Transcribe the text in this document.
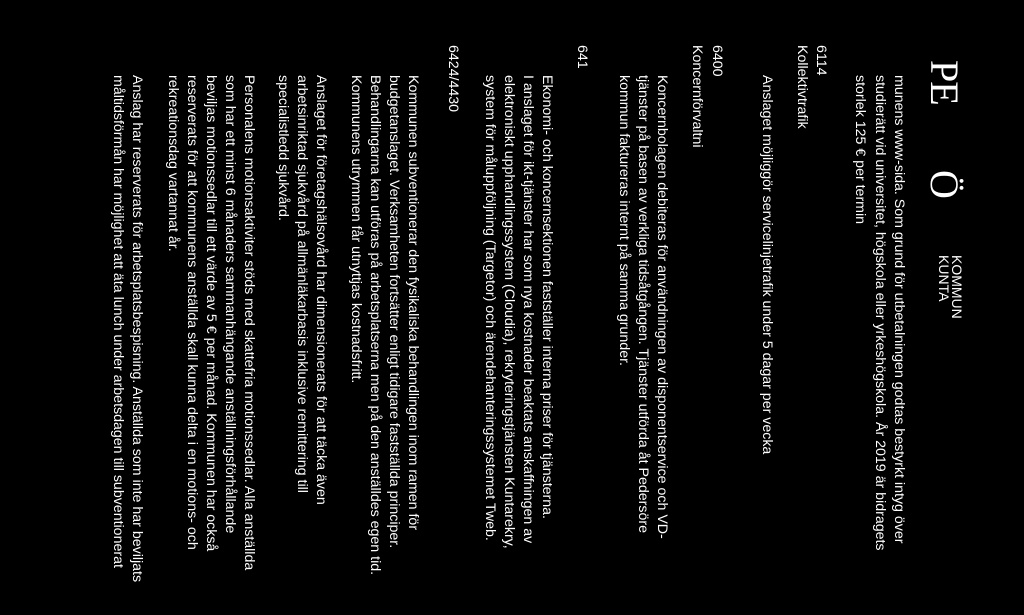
PE
Ö
KOMMUN
KUNTA
munens www-sida. Som grund för utbetalningen godtas bestyrkt intyg över
studierätt vid universitet, högskola eller yrkeshögskola. År 2019 är bidragets
storlek 125 € per termin
6114
Kollektivtrafik
Anslaget möjliggör servicelinjetrafik under 5 dagar per vecka
6400
Koncernförvaltni
Koncernbolagen debiteras för användningen av disponentservice och VD-
tjänster på basen av verkliga tidsåtgången. Tjänster utförda åt Pedersöre
kommun faktureras internt på samma grunder.
641
Ekonomi- och koncernsektionen fastställer interna priser för tjänsterna.
I anslaget för ikt-tjänster har som nya kostnader beaktats anskaffningen av
elektroniskt upphandlingssystem (Cloudia), rekryteringstjänsten Kuntarekry,
system för måluppföljning (Targetor) och ärendehanteringssystemet Tweb.
6424/4430
Kommunen subventionerar den fysikaliska behandlingen inom ramen för
budgetanslaget. Verksamheten fortsätter enligt tidigare fastställda principer.
Behandlingarna kan utföras på arbetsplatserna men på den anställdes egen tid.
Kommunens utrymmen får utnyttjas kostnadsfritt.
Anslaget för företagshälsovård har dimensionerats för att täcka även
arbetsinriktad sjukvård på allmänläkarbasis inklusive remittering till
specialistledd sjukvård.
Personalens motionsaktiviter stöds med skattefria motionssedlar. Alla anställda
som har ett minst 6 månaders sammanhängande anställningsförhållande
beviljas motionssedlar till ett värde av 5 € per månad. Kommunen har också
reserverats för att kommunens anställda skall kunna delta i en motions- och
rekreationsdag vartannat år.
Anslag har reserverats för arbetsplatsbespisning. Anställda som inte har beviljats
måltidsförmån har möjlighet att äta lunch under arbetsdagen till subventionerat
